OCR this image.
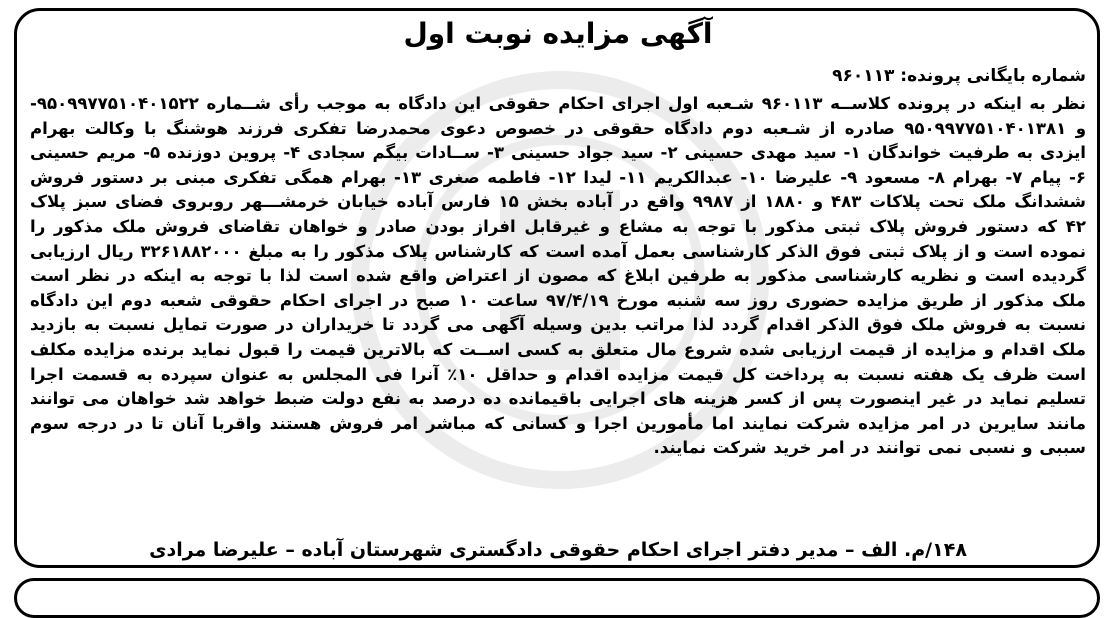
آگهی مزایده نوبت اول

شماره بایگانی پرونده: ۹۶۰۱۱۳

نظر به اینکه در پرونده کلاســه ۹۶۰۱۱۳ شـعبه اول اجرای احکام حقوقی این دادگاه به موجب رأی شــماره ۹۵۰۹۹۷۷۵۱۰۴۰۱۵۲۲- و ۹۵۰۹۹۷۷۵۱۰۴۰۱۳۸۱ صادره از شـعبه دوم دادگاه حقوقی در خصوص دعوی محمدرضا تفکری فرزند هوشنگ با وکالت بهرام ایزدی به طرفیت خواندگان ۱- سید مهدی حسینی ۲- سید جواد حسینی ۳- ســادات بیگم سجادی ۴- پروین دوزنده ۵- مریم حسینی ۶- پیام ۷- بهرام ۸- مسعود ۹- علیرضا ۱۰- عبدالکریم ۱۱- لیدا ۱۲- فاطمه صغری ۱۳- بهرام همگی تفکری مبنی بر دستور فروش ششدانگ ملک تحت پلاکات ۴۸۳ و ۱۸۸۰ از ۹۹۸۷ واقع در آباده بخش ۱۵ فارس آباده خیابان خرمشـــهر روبروی فضای سبز پلاک ۴۲ که دستور فروش پلاک ثبتی مذکور با توجه به مشاع و غیرقابل افراز بودن صادر و خواهان تقاضای فروش ملک مذکور را نموده است و از پلاک ثبتی فوق الذکر کارشناسی بعمل آمده است که کارشناس پلاک مذکور را به مبلغ ۳۲۶۱۸۸۲۰۰۰ ریال ارزیابی گردیده است و نظریه کارشناسی مذکور به طرفین ابلاغ که مصون از اعتراض واقع شده است لذا با توجه به اینکه در نظر است ملک مذکور از طریق مزایده حضوری روز سه شنبه مورخ ۹۷/۴/۱۹ ساعت ۱۰ صبح در اجرای احکام حقوقی شعبه دوم این دادگاه نسبت به فروش ملک فوق الذکر اقدام گردد لذا مراتب بدین وسیله آگهی می گردد تا خریداران در صورت تمایل نسبت به بازدید ملک اقدام و مزایده از قیمت ارزیابی شده شروع مال متعلق به کسی اســت که بالاترین قیمت را قبول نماید برنده مزایده مکلف است ظرف یک هفته نسبت به پرداخت کل قیمت مزایده اقدام و حداقل ۱۰٪ آنرا فی المجلس به عنوان سپرده به قسمت اجرا تسلیم نماید در غیر اینصورت پس از کسر هزینه های اجرایی باقیمانده ده درصد به نفع دولت ضبط خواهد شد خواهان می توانند مانند سایرین در امر مزایده شرکت نمایند اما مأمورین اجرا و کسانی که مباشر امر فروش هستند واقربا آنان تا در درجه سوم سببی و نسبی نمی توانند در امر خرید شرکت نمایند.

۱۴۸/م. الف – مدیر دفتر اجرای احکام حقوقی دادگستری شهرستان آباده – علیرضا مرادی
